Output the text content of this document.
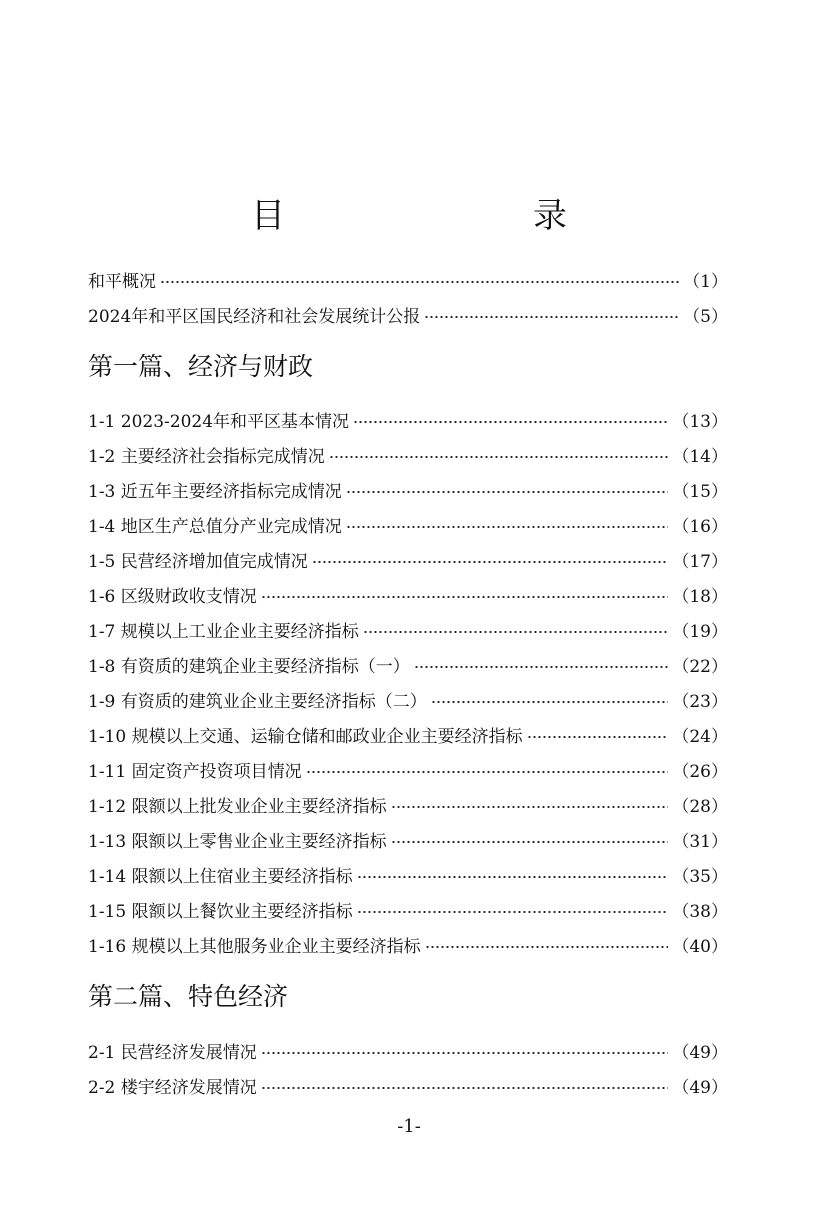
目　　录
和平概况	（1）
2024年和平区国民经济和社会发展统计公报	（5）
第一篇、经济与财政
1-1 2023-2024年和平区基本情况	（13）
1-2 主要经济社会指标完成情况	（14）
1-3 近五年主要经济指标完成情况	（15）
1-4 地区生产总值分产业完成情况	（16）
1-5 民营经济增加值完成情况	（17）
1-6 区级财政收支情况	（18）
1-7 规模以上工业企业主要经济指标	（19）
1-8 有资质的建筑企业主要经济指标（一）	（22）
1-9 有资质的建筑业企业主要经济指标（二）	（23）
1-10 规模以上交通、运输仓储和邮政业企业主要经济指标	（24）
1-11 固定资产投资项目情况	（26）
1-12 限额以上批发业企业主要经济指标	（28）
1-13 限额以上零售业企业主要经济指标	（31）
1-14 限额以上住宿业主要经济指标	（35）
1-15 限额以上餐饮业主要经济指标	（38）
1-16 规模以上其他服务业企业主要经济指标	（40）
第二篇、特色经济
2-1 民营经济发展情况	（49）
2-2 楼宇经济发展情况	（49）
-1-
